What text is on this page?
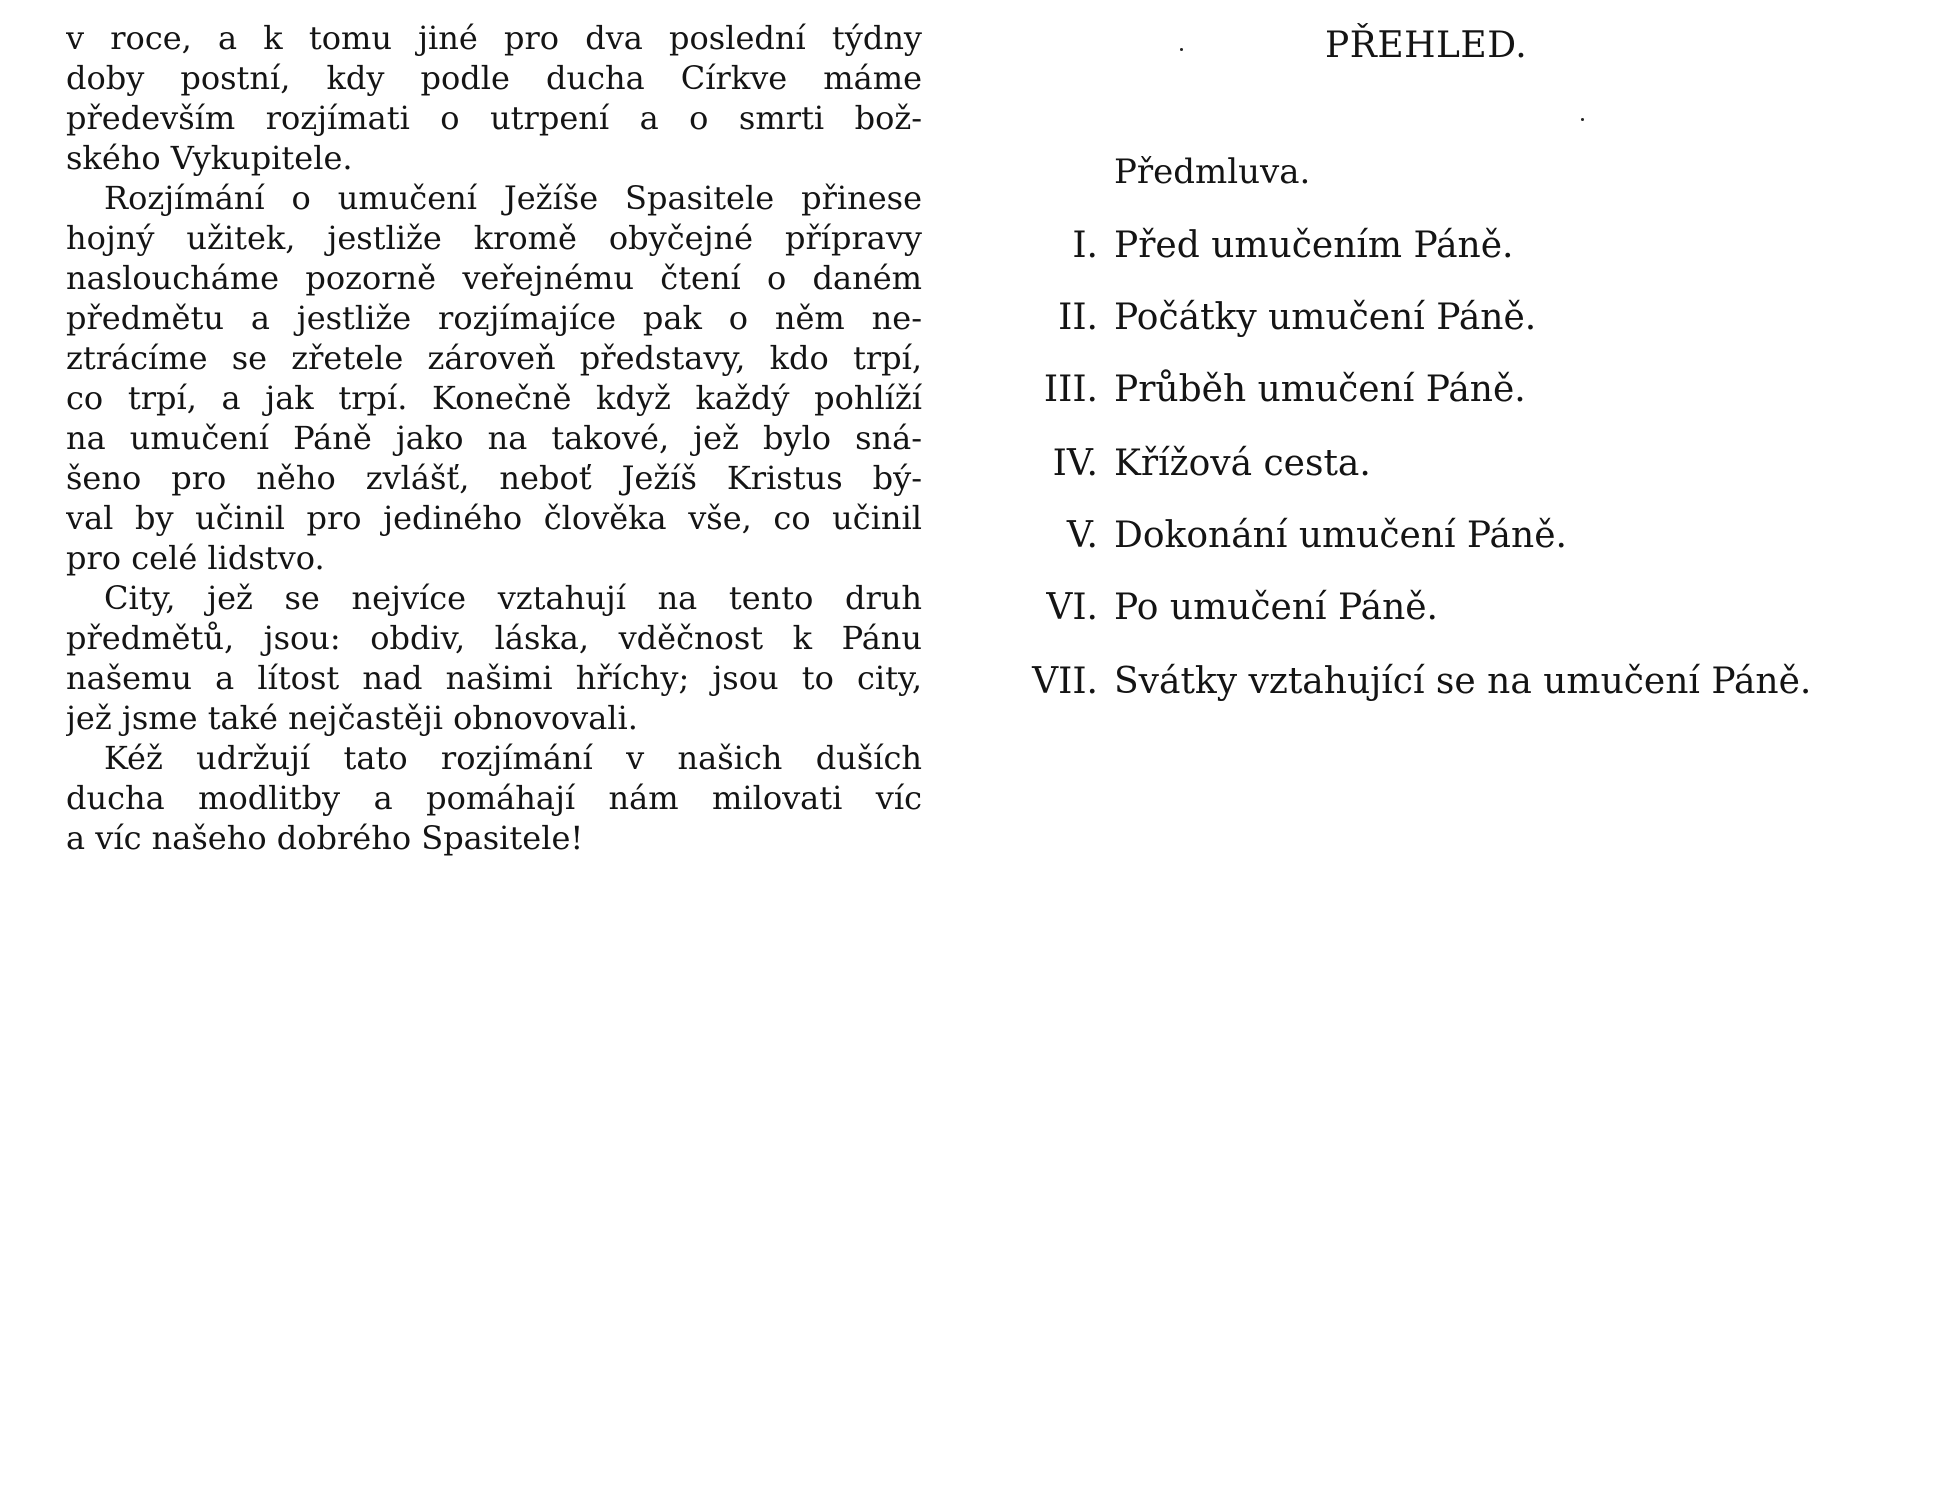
v roce, a k tomu jiné pro dva poslední týdny
doby postní, kdy podle ducha Církve máme
především rozjímati o utrpení a o smrti bož-
ského Vykupitele.
Rozjímání o umučení Ježíše Spasitele přinese
hojný užitek, jestliže kromě obyčejné přípravy
nasloucháme pozorně veřejnému čtení o daném
předmětu a jestliže rozjímajíce pak o něm ne-
ztrácíme se zřetele zároveň představy, kdo trpí,
co trpí, a jak trpí. Konečně když každý pohlíží
na umučení Páně jako na takové, jež bylo sná-
šeno pro něho zvlášť, neboť Ježíš Kristus bý-
val by učinil pro jediného člověka vše, co učinil
pro celé lidstvo.
City, jež se nejvíce vztahují na tento druh
předmětů, jsou: obdiv, láska, vděčnost k Pánu
našemu a lítost nad našimi hříchy; jsou to city,
jež jsme také nejčastěji obnovovali.
Kéž udržují tato rozjímání v našich duších
ducha modlitby a pomáhají nám milovati víc
a víc našeho dobrého Spasitele!
PŘEHLED.
Předmluva.
I. Před umučením Páně.
II. Počátky umučení Páně.
III. Průběh umučení Páně.
IV. Křížová cesta.
V. Dokonání umučení Páně.
VI. Po umučení Páně.
VII. Svátky vztahující se na umučení Páně.
